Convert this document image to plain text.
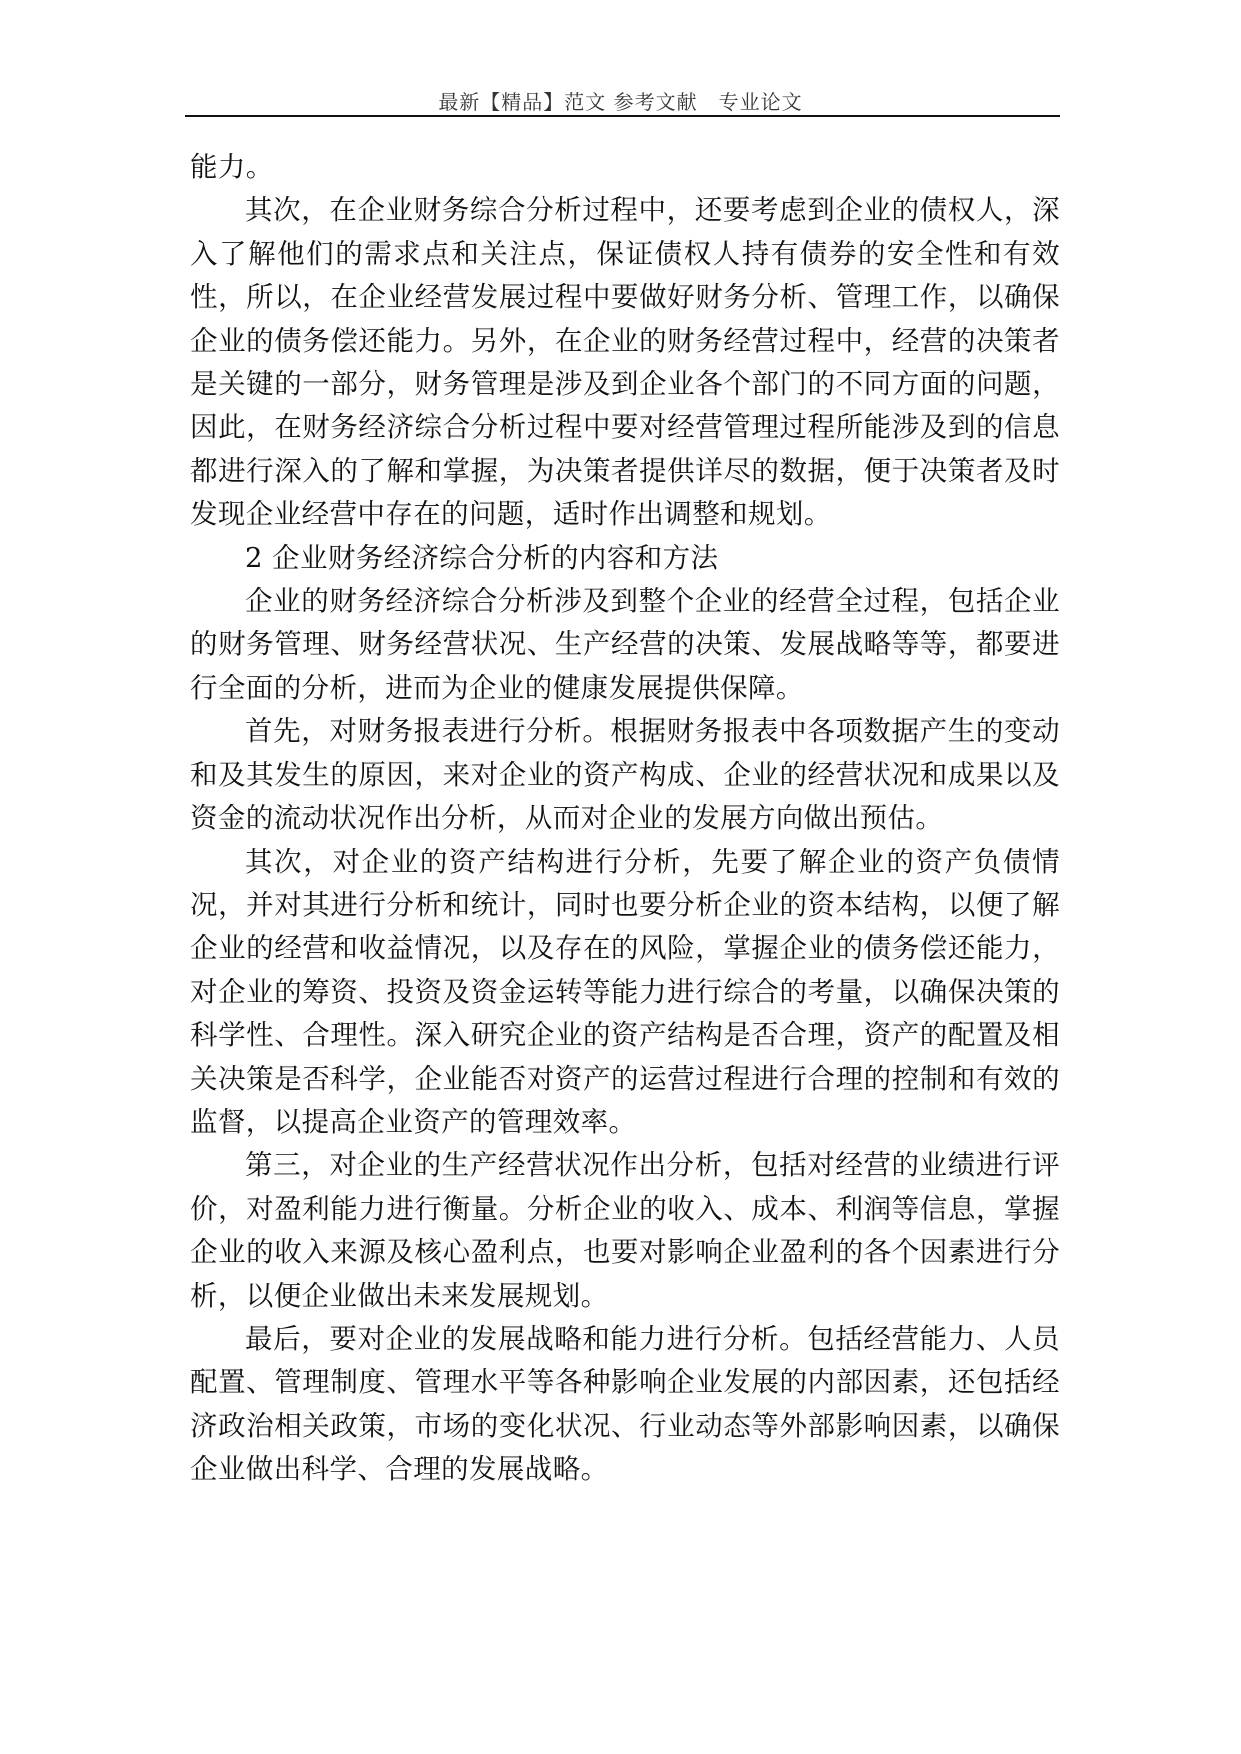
最新【精品】范文 参考文献　专业论文

能力。

其次，在企业财务综合分析过程中，还要考虑到企业的债权人，深入了解他们的需求点和关注点，保证债权人持有债券的安全性和有效性，所以，在企业经营发展过程中要做好财务分析、管理工作，以确保企业的债务偿还能力。另外，在企业的财务经营过程中，经营的决策者是关键的一部分，财务管理是涉及到企业各个部门的不同方面的问题，因此，在财务经济综合分析过程中要对经营管理过程所能涉及到的信息都进行深入的了解和掌握，为决策者提供详尽的数据，便于决策者及时发现企业经营中存在的问题，适时作出调整和规划。

2 企业财务经济综合分析的内容和方法

企业的财务经济综合分析涉及到整个企业的经营全过程，包括企业的财务管理、财务经营状况、生产经营的决策、发展战略等等，都要进行全面的分析，进而为企业的健康发展提供保障。

首先，对财务报表进行分析。根据财务报表中各项数据产生的变动和及其发生的原因，来对企业的资产构成、企业的经营状况和成果以及资金的流动状况作出分析，从而对企业的发展方向做出预估。

其次，对企业的资产结构进行分析，先要了解企业的资产负债情况，并对其进行分析和统计，同时也要分析企业的资本结构，以便了解企业的经营和收益情况，以及存在的风险，掌握企业的债务偿还能力，对企业的筹资、投资及资金运转等能力进行综合的考量，以确保决策的科学性、合理性。深入研究企业的资产结构是否合理，资产的配置及相关决策是否科学，企业能否对资产的运营过程进行合理的控制和有效的监督，以提高企业资产的管理效率。

第三，对企业的生产经营状况作出分析，包括对经营的业绩进行评价，对盈利能力进行衡量。分析企业的收入、成本、利润等信息，掌握企业的收入来源及核心盈利点，也要对影响企业盈利的各个因素进行分析，以便企业做出未来发展规划。

最后，要对企业的发展战略和能力进行分析。包括经营能力、人员配置、管理制度、管理水平等各种影响企业发展的内部因素，还包括经济政治相关政策，市场的变化状况、行业动态等外部影响因素，以确保企业做出科学、合理的发展战略。
